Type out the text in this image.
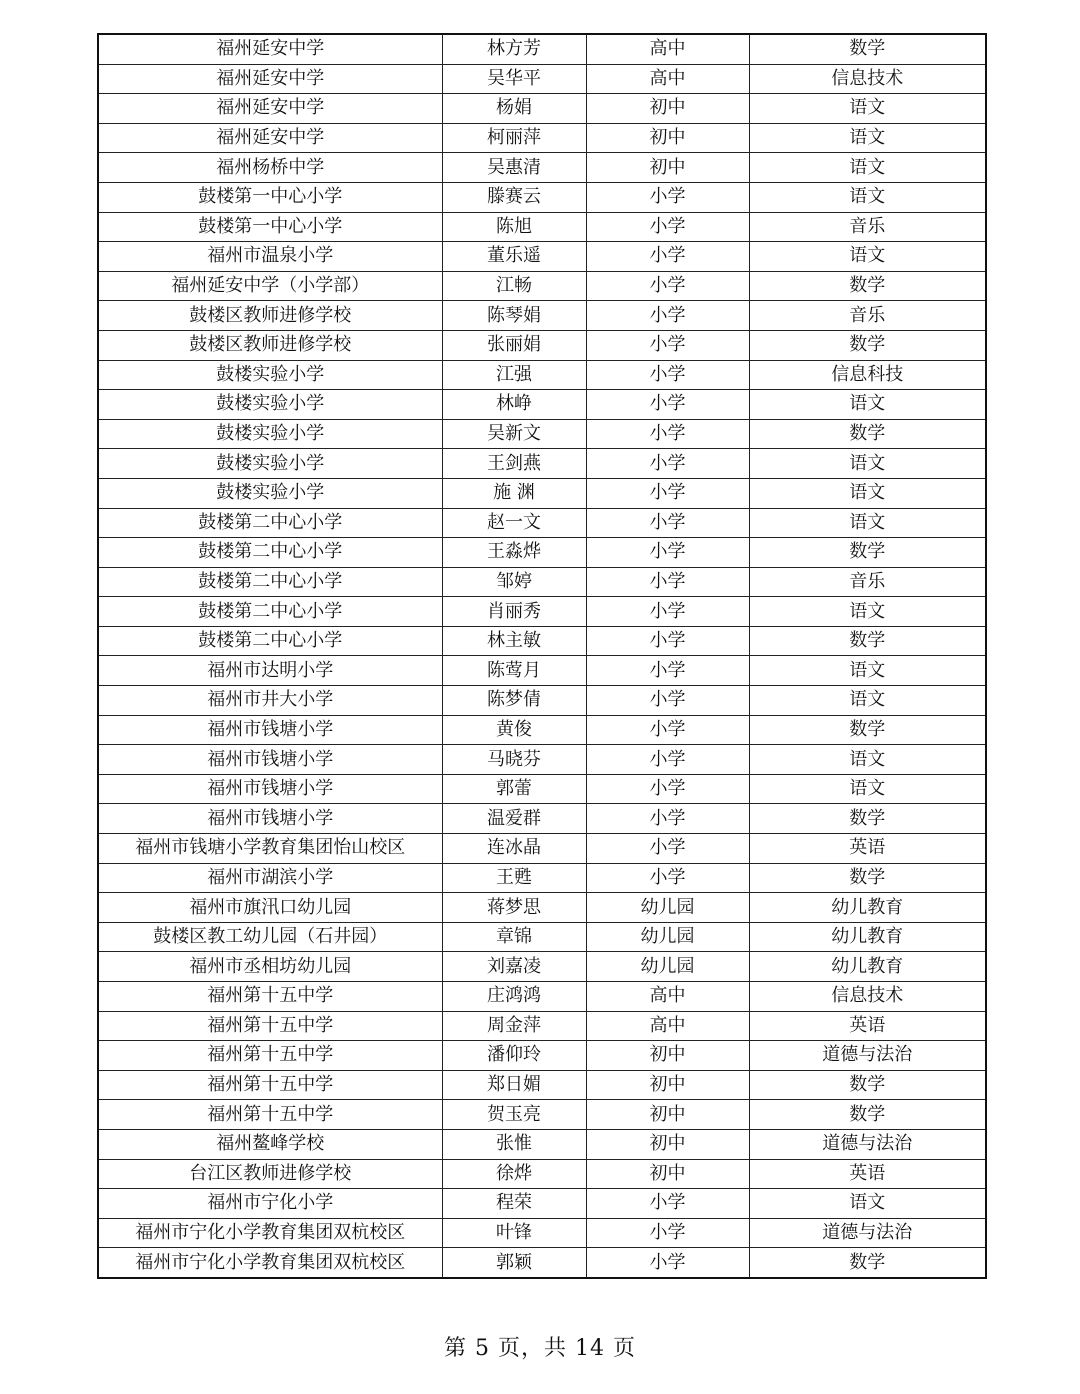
福州延安中学	林方芳	高中	数学
福州延安中学	吴华平	高中	信息技术
福州延安中学	杨娟	初中	语文
福州延安中学	柯丽萍	初中	语文
福州杨桥中学	吴惠清	初中	语文
鼓楼第一中心小学	滕赛云	小学	语文
鼓楼第一中心小学	陈旭	小学	音乐
福州市温泉小学	董乐遥	小学	语文
福州延安中学（小学部）	江畅	小学	数学
鼓楼区教师进修学校	陈琴娟	小学	音乐
鼓楼区教师进修学校	张丽娟	小学	数学
鼓楼实验小学	江强	小学	信息科技
鼓楼实验小学	林峥	小学	语文
鼓楼实验小学	吴新文	小学	数学
鼓楼实验小学	王剑燕	小学	语文
鼓楼实验小学	施 渊	小学	语文
鼓楼第二中心小学	赵一文	小学	语文
鼓楼第二中心小学	王淼烨	小学	数学
鼓楼第二中心小学	邹婷	小学	音乐
鼓楼第二中心小学	肖丽秀	小学	语文
鼓楼第二中心小学	林主敏	小学	数学
福州市达明小学	陈莺月	小学	语文
福州市井大小学	陈梦倩	小学	语文
福州市钱塘小学	黄俊	小学	数学
福州市钱塘小学	马晓芬	小学	语文
福州市钱塘小学	郭蕾	小学	语文
福州市钱塘小学	温爱群	小学	数学
福州市钱塘小学教育集团怡山校区	连冰晶	小学	英语
福州市湖滨小学	王甦	小学	数学
福州市旗汛口幼儿园	蒋梦思	幼儿园	幼儿教育
鼓楼区教工幼儿园（石井园）	章锦	幼儿园	幼儿教育
福州市丞相坊幼儿园	刘嘉凌	幼儿园	幼儿教育
福州第十五中学	庄鸿鸿	高中	信息技术
福州第十五中学	周金萍	高中	英语
福州第十五中学	潘仰玲	初中	道德与法治
福州第十五中学	郑日媚	初中	数学
福州第十五中学	贺玉亮	初中	数学
福州鳌峰学校	张惟	初中	道德与法治
台江区教师进修学校	徐烨	初中	英语
福州市宁化小学	程荣	小学	语文
福州市宁化小学教育集团双杭校区	叶锋	小学	道德与法治
福州市宁化小学教育集团双杭校区	郭颖	小学	数学
第 5 页，共 14 页
